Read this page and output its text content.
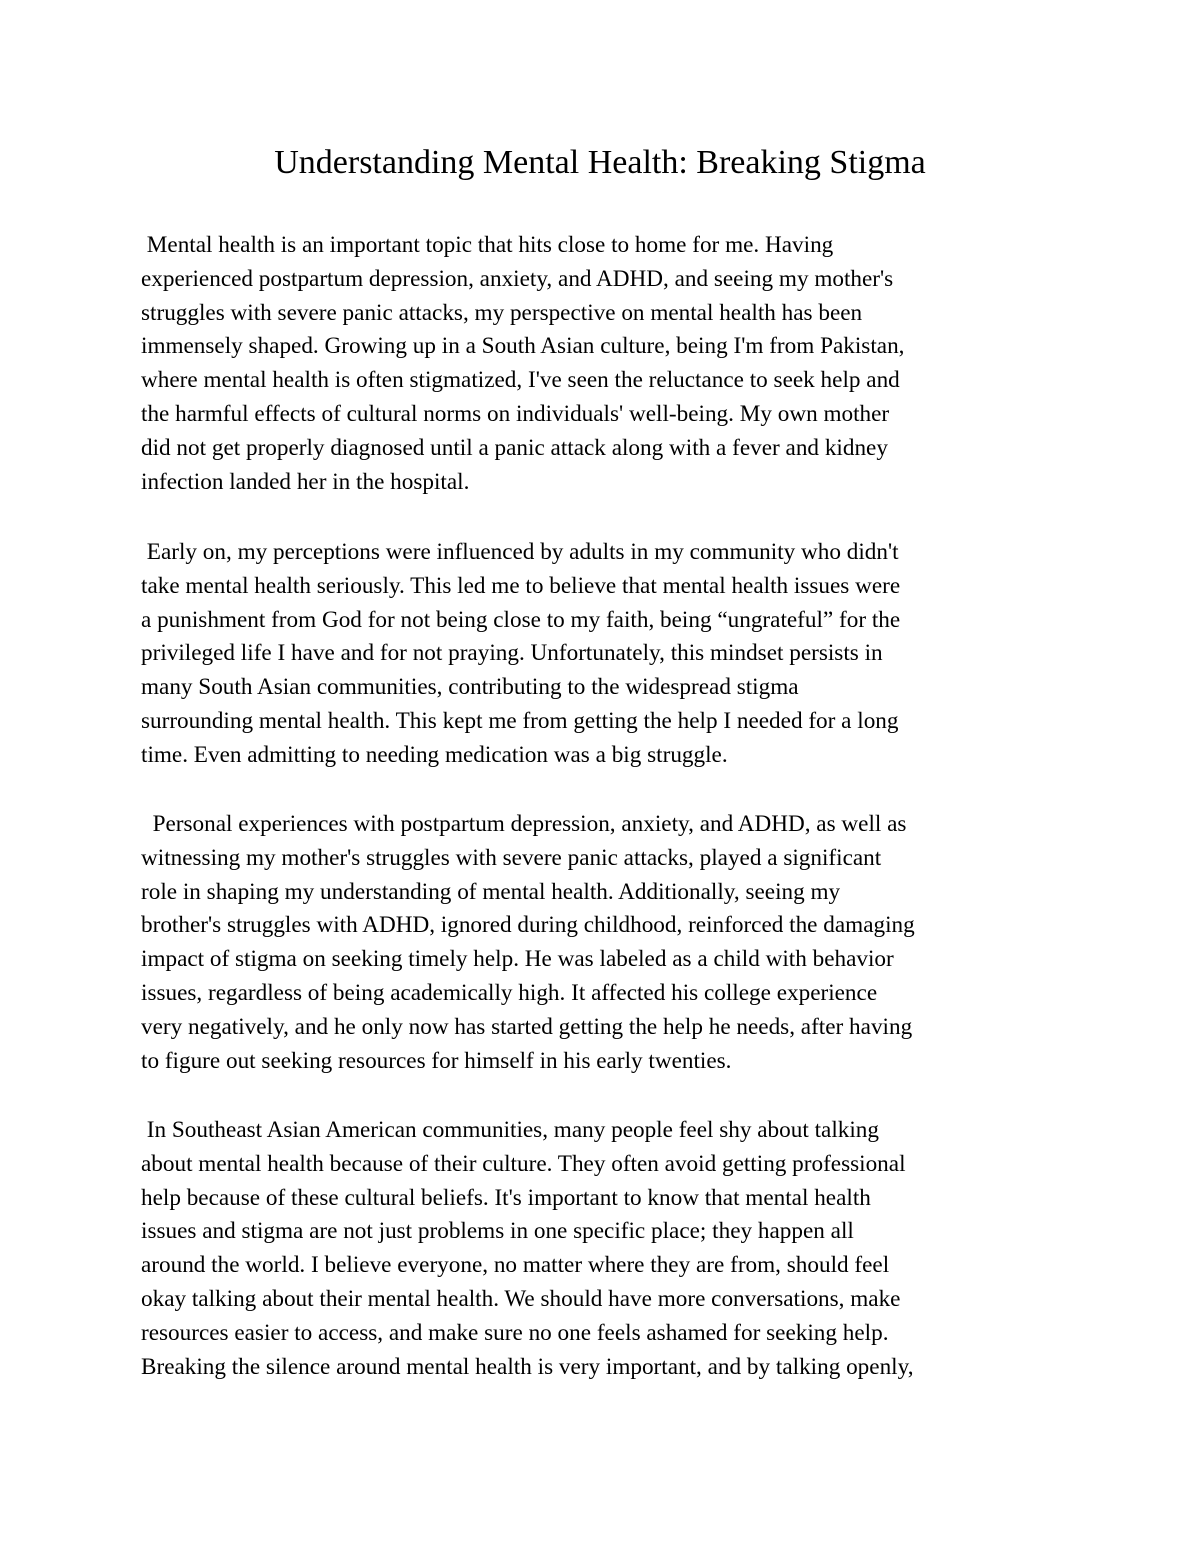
Understanding Mental Health: Breaking Stigma
Mental health is an important topic that hits close to home for me. Having
experienced postpartum depression, anxiety, and ADHD, and seeing my mother's
struggles with severe panic attacks, my perspective on mental health has been
immensely shaped. Growing up in a South Asian culture, being I'm from Pakistan,
where mental health is often stigmatized, I've seen the reluctance to seek help and
the harmful effects of cultural norms on individuals' well-being. My own mother
did not get properly diagnosed until a panic attack along with a fever and kidney
infection landed her in the hospital.
Early on, my perceptions were influenced by adults in my community who didn't
take mental health seriously. This led me to believe that mental health issues were
a punishment from God for not being close to my faith, being “ungrateful” for the
privileged life I have and for not praying. Unfortunately, this mindset persists in
many South Asian communities, contributing to the widespread stigma
surrounding mental health. This kept me from getting the help I needed for a long
time. Even admitting to needing medication was a big struggle.
Personal experiences with postpartum depression, anxiety, and ADHD, as well as
witnessing my mother's struggles with severe panic attacks, played a significant
role in shaping my understanding of mental health. Additionally, seeing my
brother's struggles with ADHD, ignored during childhood, reinforced the damaging
impact of stigma on seeking timely help. He was labeled as a child with behavior
issues, regardless of being academically high. It affected his college experience
very negatively, and he only now has started getting the help he needs, after having
to figure out seeking resources for himself in his early twenties.
In Southeast Asian American communities, many people feel shy about talking
about mental health because of their culture. They often avoid getting professional
help because of these cultural beliefs. It's important to know that mental health
issues and stigma are not just problems in one specific place; they happen all
around the world. I believe everyone, no matter where they are from, should feel
okay talking about their mental health. We should have more conversations, make
resources easier to access, and make sure no one feels ashamed for seeking help.
Breaking the silence around mental health is very important, and by talking openly,
